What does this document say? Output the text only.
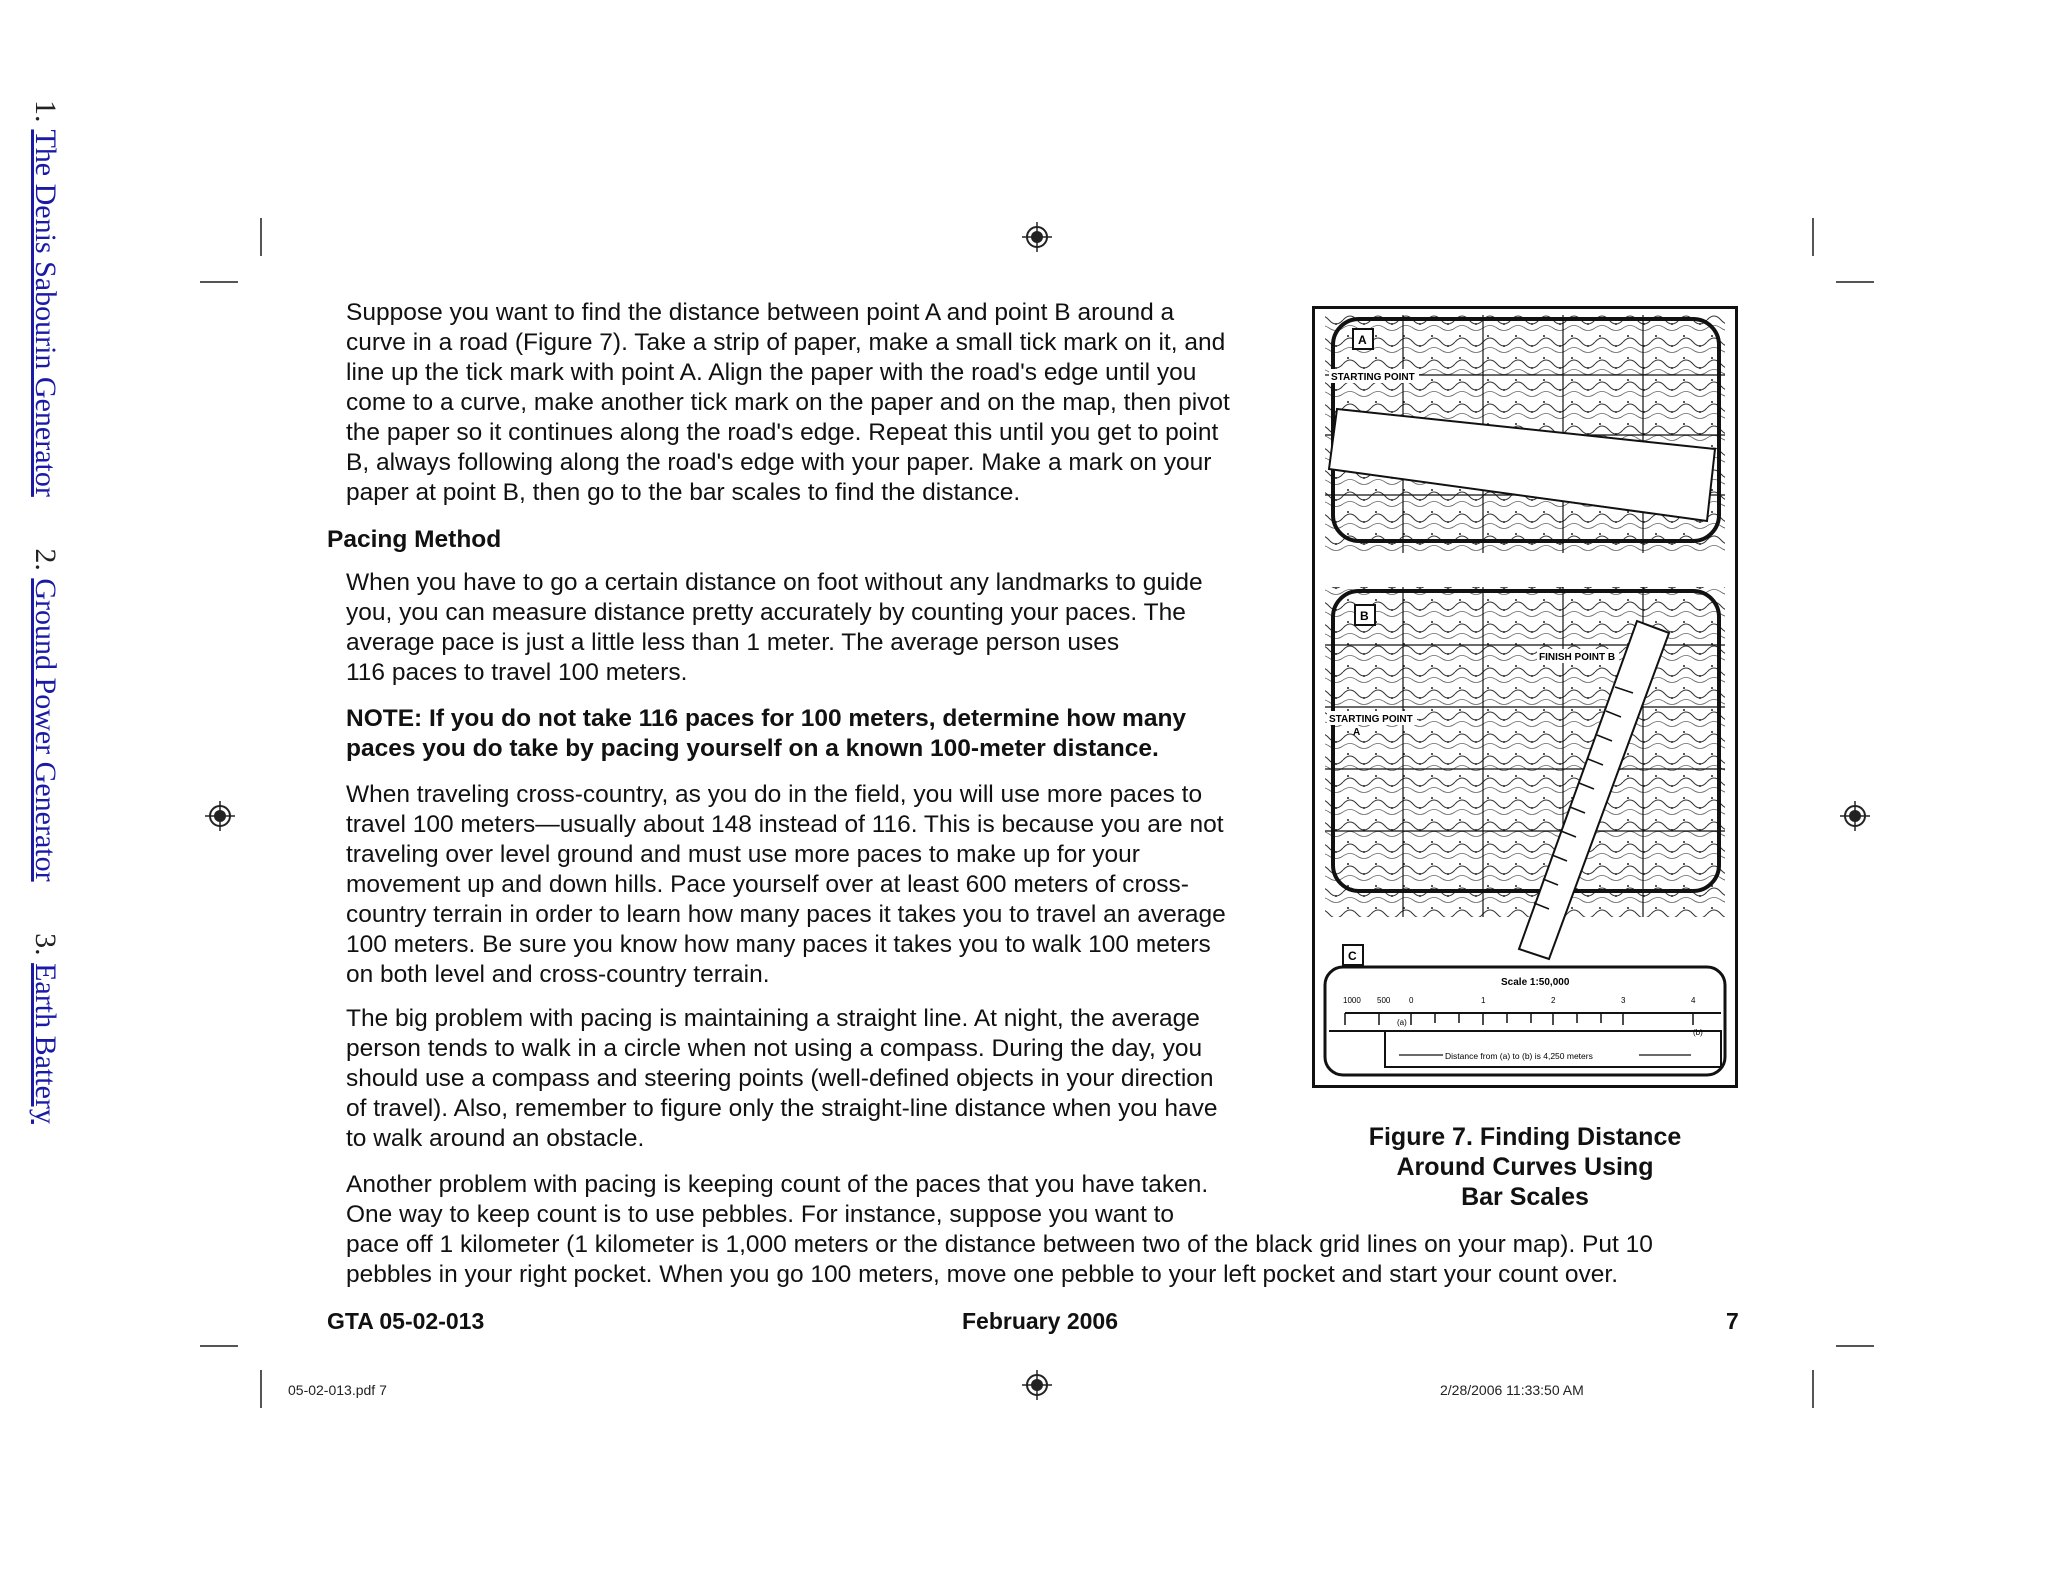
1. The Denis Sabourin Generator 2. Ground Power Generator 3. Earth Battery

Suppose you want to find the distance between point A and point B around a
curve in a road (Figure 7). Take a strip of paper, make a small tick mark on it, and
line up the tick mark with point A. Align the paper with the road's edge until you
come to a curve, make another tick mark on the paper and on the map, then pivot
the paper so it continues along the road's edge. Repeat this until you get to point
B, always following along the road's edge with your paper. Make a mark on your
paper at point B, then go to the bar scales to find the distance.

Pacing Method

When you have to go a certain distance on foot without any landmarks to guide
you, you can measure distance pretty accurately by counting your paces. The
average pace is just a little less than 1 meter. The average person uses
116 paces to travel 100 meters.

NOTE: If you do not take 116 paces for 100 meters, determine how many
paces you do take by pacing yourself on a known 100-meter distance.

When traveling cross-country, as you do in the field, you will use more paces to
travel 100 meters—usually about 148 instead of 116. This is because you are not
traveling over level ground and must use more paces to make up for your
movement up and down hills. Pace yourself over at least 600 meters of cross-
country terrain in order to learn how many paces it takes you to travel an average
100 meters. Be sure you know how many paces it takes you to walk 100 meters
on both level and cross-country terrain.

The big problem with pacing is maintaining a straight line. At night, the average
person tends to walk in a circle when not using a compass. During the day, you
should use a compass and steering points (well-defined objects in your direction
of travel). Also, remember to figure only the straight-line distance when you have
to walk around an obstacle.

Another problem with pacing is keeping count of the paces that you have taken.
One way to keep count is to use pebbles. For instance, suppose you want to
pace off 1 kilometer (1 kilometer is 1,000 meters or the distance between two of the black grid lines on your map). Put 10
pebbles in your right pocket. When you go 100 meters, move one pebble to your left pocket and start your count over.

A
STARTING POINT
B
FINISH POINT B
STARTING POINT
A
C
Scale 1:50,000
1000 500 0	1	2	3	4
(a)
(b)
Distance from (a) to (b) is 4,250 meters

Figure 7. Finding Distance
Around Curves Using
Bar Scales

GTA 05-02-013	February 2006	7
05-02-013.pdf 7	2/28/2006 11:33:50 AM
